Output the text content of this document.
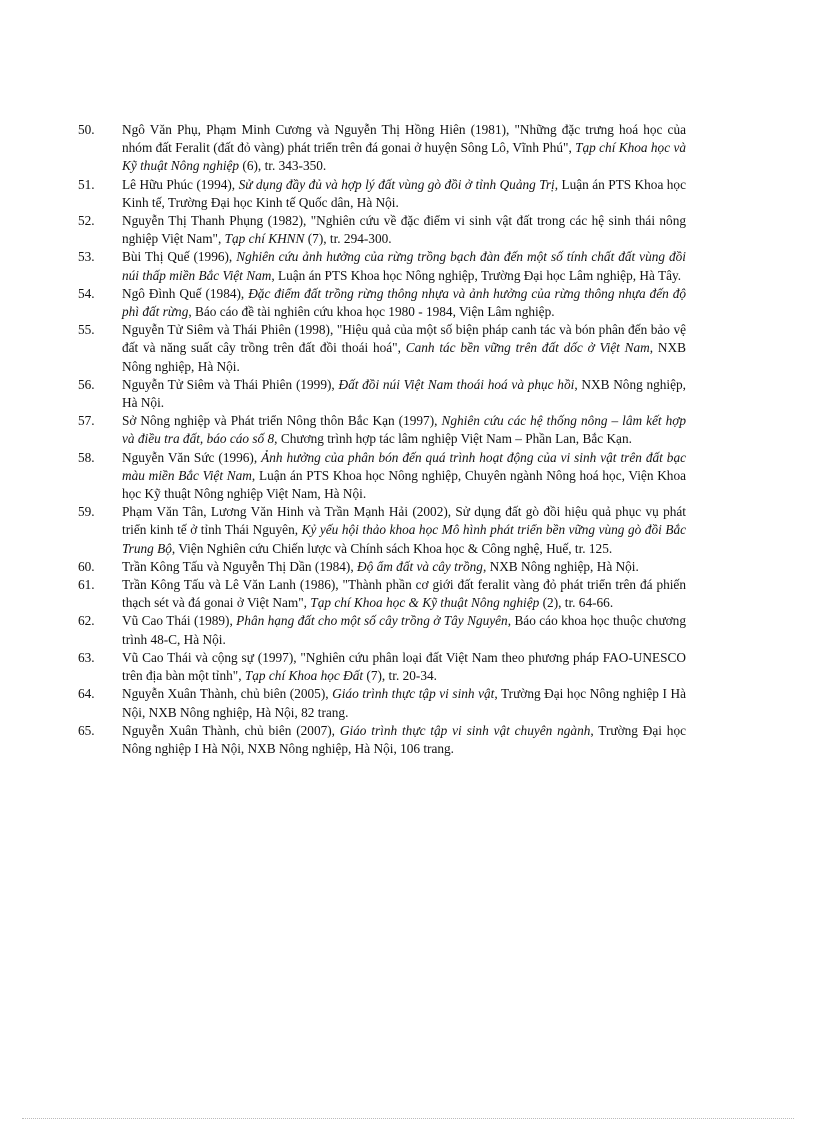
50.	Ngô Văn Phụ, Phạm Minh Cương và Nguyễn Thị Hồng Hiên (1981), "Những đặc trưng hoá học của nhóm đất Feralit (đất đỏ vàng) phát triển trên đá gonai ở huyện Sông Lô, Vĩnh Phú", Tạp chí Khoa học và Kỹ thuật Nông nghiệp (6), tr. 343-350.
51.	Lê Hữu Phúc (1994), Sử dụng đầy đủ và hợp lý đất vùng gò đồi ở tỉnh Quảng Trị, Luận án PTS Khoa học Kinh tế, Trường Đại học Kinh tế Quốc dân, Hà Nội.
52.	Nguyễn Thị Thanh Phụng (1982), "Nghiên cứu về đặc điểm vi sinh vật đất trong các hệ sinh thái nông nghiệp Việt Nam", Tạp chí KHNN (7), tr. 294-300.
53.	Bùi Thị Quế (1996), Nghiên cứu ảnh hưởng của rừng trồng bạch đàn đến một số tính chất đất vùng đồi núi thấp miền Bắc Việt Nam, Luận án PTS Khoa học Nông nghiệp, Trường Đại học Lâm nghiệp, Hà Tây.
54.	Ngô Đình Quế (1984), Đặc điểm đất trồng rừng thông nhựa và ảnh hưởng của rừng thông nhựa đến độ phì đất rừng, Báo cáo đề tài nghiên cứu khoa học 1980 - 1984, Viện Lâm nghiệp.
55.	Nguyễn Tử Siêm và Thái Phiên (1998), "Hiệu quả của một số biện pháp canh tác và bón phân đến bảo vệ đất và năng suất cây trồng trên đất đồi thoái hoá", Canh tác bền vững trên đất dốc ở Việt Nam, NXB Nông nghiệp, Hà Nội.
56.	Nguyễn Tử Siêm và Thái Phiên (1999), Đất đồi núi Việt Nam thoái hoá và phục hồi, NXB Nông nghiệp, Hà Nội.
57.	Sở Nông nghiệp và Phát triển Nông thôn Bắc Kạn (1997), Nghiên cứu các hệ thống nông – lâm kết hợp và điều tra đất, báo cáo số 8, Chương trình hợp tác lâm nghiệp Việt Nam – Phần Lan, Bắc Kạn.
58.	Nguyễn Văn Sức (1996), Ảnh hưởng của phân bón đến quá trình hoạt động của vi sinh vật trên đất bạc màu miền Bắc Việt Nam, Luận án PTS Khoa học Nông nghiệp, Chuyên ngành Nông hoá học, Viện Khoa học Kỹ thuật Nông nghiệp Việt Nam, Hà Nội.
59.	Phạm Văn Tân, Lương Văn Hinh và Trần Mạnh Hải (2002), Sử dụng đất gò đồi hiệu quả phục vụ phát triển kinh tế ở tỉnh Thái Nguyên, Kỷ yếu hội thảo khoa học Mô hình phát triển bền vững vùng gò đồi Bắc Trung Bộ, Viện Nghiên cứu Chiến lược và Chính sách Khoa học & Công nghệ, Huế, tr. 125.
60.	Trần Kông Tấu và Nguyễn Thị Dần (1984), Độ ẩm đất và cây trồng, NXB Nông nghiệp, Hà Nội.
61.	Trần Kông Tấu và Lê Văn Lanh (1986), "Thành phần cơ giới đất feralit vàng đỏ phát triển trên đá phiến thạch sét và đá gonai ở Việt Nam", Tạp chí Khoa học & Kỹ thuật Nông nghiệp (2), tr. 64-66.
62.	Vũ Cao Thái (1989), Phân hạng đất cho một số cây trồng ở Tây Nguyên, Báo cáo khoa học thuộc chương trình 48-C, Hà Nội.
63.	Vũ Cao Thái và cộng sự (1997), "Nghiên cứu phân loại đất Việt Nam theo phương pháp FAO-UNESCO trên địa bàn một tỉnh", Tạp chí Khoa học Đất (7), tr. 20-34.
64.	Nguyễn Xuân Thành, chủ biên (2005), Giáo trình thực tập vi sinh vật, Trường Đại học Nông nghiệp I Hà Nội, NXB Nông nghiệp, Hà Nội, 82 trang.
65.	Nguyễn Xuân Thành, chủ biên (2007), Giáo trình thực tập vi sinh vật chuyên ngành, Trường Đại học Nông nghiệp I Hà Nội, NXB Nông nghiệp, Hà Nội, 106 trang.
